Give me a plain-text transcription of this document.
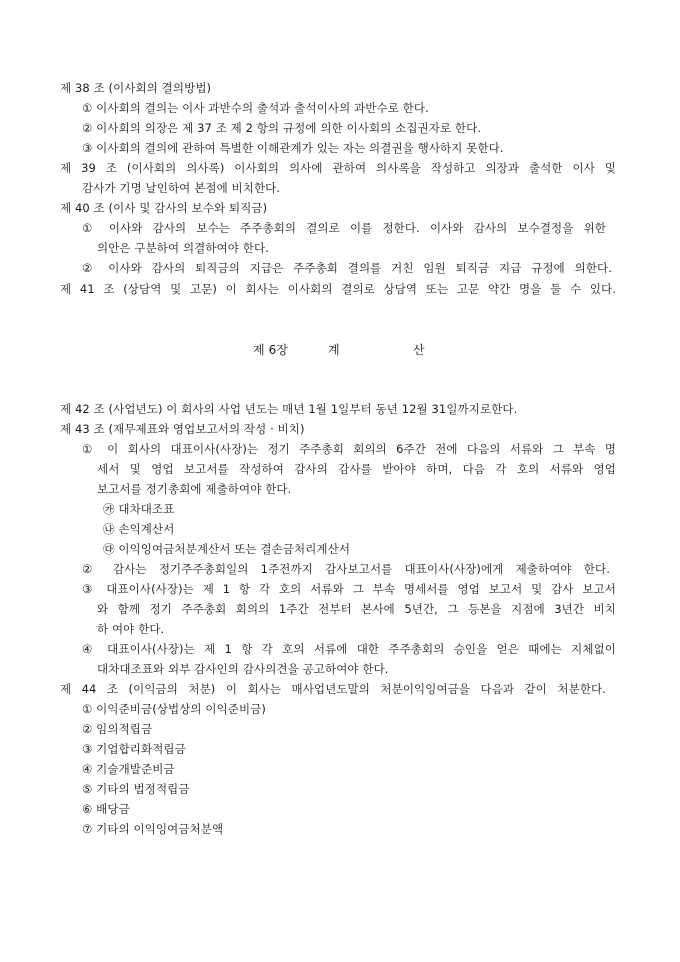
제 38 조 (이사회의 결의방법)
① 이사회의 결의는 이사 과반수의 출석과 출석이사의 과반수로 한다.
② 이사회의 의장은 제 37 조 제 2 항의 규정에 의한 이사회의 소집권자로 한다.
③ 이사회의 결의에 관하여 특별한 이해관계가 있는 자는 의결권을 행사하지 못한다.
제 39 조 (이사회의 의사록) 이사회의 의사에 관하여 의사록을 작성하고 의장과 출석한 이사 및
감사가 기명 날인하여 본점에 비치한다.
제 40 조 (이사 및 감사의 보수와 퇴직금)
① 이사와 감사의 보수는 주주총회의 결의로 이를 정한다. 이사와 감사의 보수결정을 위한
의안은 구분하여 의결하여야 한다.
② 이사와 감사의 퇴직금의 지급은 주주총회 결의를 거친 임원 퇴직금 지급 규정에 의한다.
제 41 조 (상담역 및 고문) 이 회사는 이사회의 결의로 상담역 또는 고문 약간 명을 둘 수 있다.
제 6장	계	산
제 42 조 (사업년도) 이 회사의 사업 년도는 매년 1월 1일부터 동년 12월 31일까지로한다.
제 43 조 (재무제표와 영업보고서의 작성 · 비치)
① 이 회사의 대표이사(사장)는 정기 주주총회 회의의 6주간 전에 다음의 서류와 그 부속 명
세서 및 영업 보고서를 작성하여 감사의 감사를 받아야 하며, 다음 각 호의 서류와 영업
보고서를 정기총회에 제출하여야 한다.
㉮ 대차대조표
㉯ 손익계산서
㉰ 이익잉여금처분계산서 또는 결손금처리계산서
② 감사는 정기주주총회일의 1주전까지 감사보고서를 대표이사(사장)에게 제출하여야 한다.
③ 대표이사(사장)는 제 1 항 각 호의 서류와 그 부속 명세서를 영업 보고서 및 감사 보고서
와 함께 정기 주주총회 회의의 1주간 전부터 본사에 5년간, 그 등본을 지점에 3년간 비치
하 여야 한다.
④ 대표이사(사장)는 제 1 항 각 호의 서류에 대한 주주총회의 승인을 얻은 때에는 지체없이
대차대조표와 외부 감사인의 감사의견을 공고하여야 한다.
제 44 조 (이익금의 처분) 이 회사는 매사업년도말의 처분이익잉여금을 다음과 같이 처분한다.
① 이익준비금(상법상의 이익준비금)
② 임의적립금
③ 기업합리화적립금
④ 기술개발준비금
⑤ 기타의 법정적립금
⑥ 배당금
⑦ 기타의 이익잉여금처분액
